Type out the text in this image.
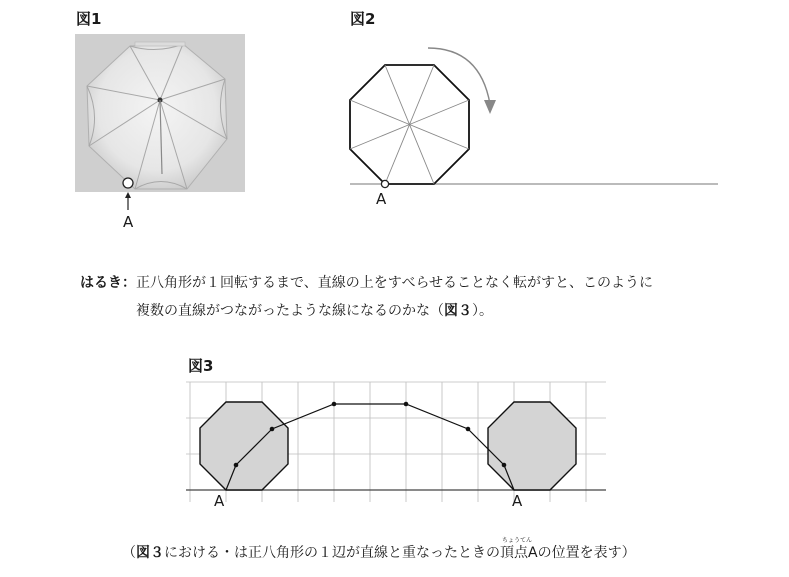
図1
A
図2
A
はるき：正八角形が１回転するまで、直線の上をすべらせることなく転がすと、このように
複数の直線がつながったような線になるのかな（図３）。
図3
A	A
（図３における・は正八角形の１辺が直線と重なったときの
ちょうてん
頂点Aの位置を表す）
